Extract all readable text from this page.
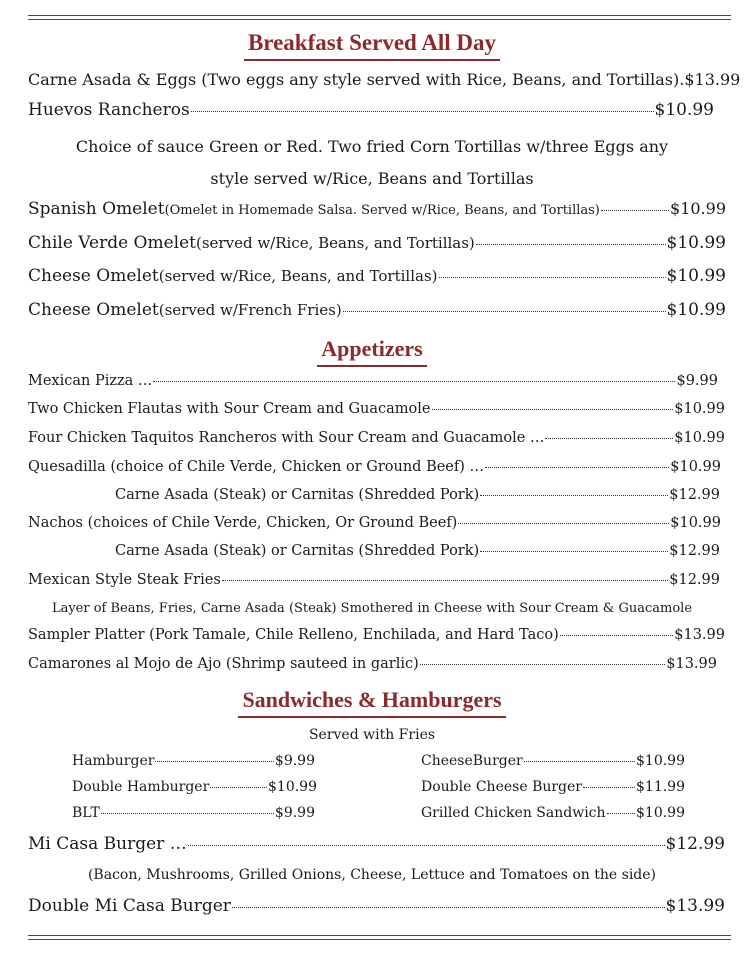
Breakfast Served All Day
Carne Asada & Eggs (Two eggs any style served with Rice, Beans, and Tortillas).$13.99
Huevos Rancheros	$10.99
Choice of sauce Green or Red. Two fried Corn Tortillas w/three Eggs any
style served w/Rice, Beans and Tortillas
Spanish Omelet (Omelet in Homemade Salsa. Served w/Rice, Beans, and Tortillas)	$10.99
Chile Verde Omelet (served w/Rice, Beans, and Tortillas)	$10.99
Cheese Omelet (served w/Rice, Beans, and Tortillas)	$10.99
Cheese Omelet (served w/French Fries)	$10.99
Appetizers
Mexican Pizza …	$9.99
Two Chicken Flautas with Sour Cream and Guacamole	$10.99
Four Chicken Taquitos Rancheros with Sour Cream and Guacamole …	$10.99
Quesadilla (choice of Chile Verde, Chicken or Ground Beef) …	$10.99
Carne Asada (Steak) or Carnitas (Shredded Pork)	$12.99
Nachos (choices of Chile Verde, Chicken, Or Ground Beef)	$10.99
Carne Asada (Steak) or Carnitas (Shredded Pork)	$12.99
Mexican Style Steak Fries	$12.99
Layer of Beans, Fries, Carne Asada (Steak) Smothered in Cheese with Sour Cream & Guacamole
Sampler Platter (Pork Tamale, Chile Relleno, Enchilada, and Hard Taco)	$13.99
Camarones al Mojo de Ajo (Shrimp sauteed in garlic)	$13.99
Sandwiches & Hamburgers
Served with Fries
Hamburger	$9.99	CheeseBurger	$10.99
Double Hamburger	$10.99	Double Cheese Burger	$11.99
BLT	$9.99	Grilled Chicken Sandwich $10.99
Mi Casa Burger …	$12.99
(Bacon, Mushrooms, Grilled Onions, Cheese, Lettuce and Tomatoes on the side)
Double Mi Casa Burger	$13.99
